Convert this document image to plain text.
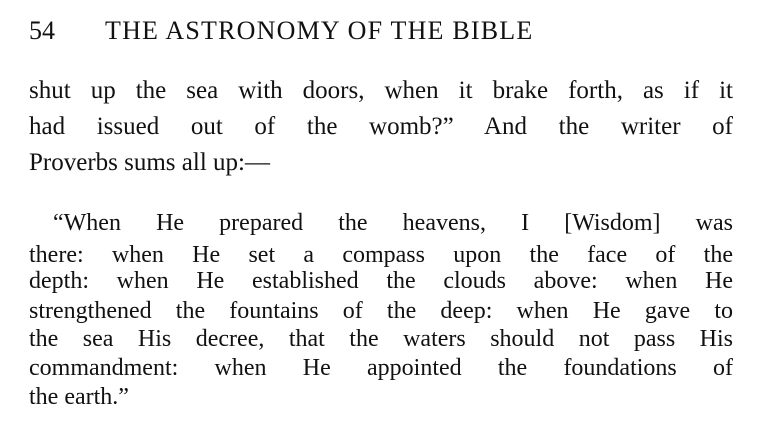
54 THE ASTRONOMY OF THE BIBLE
shut up the sea with doors, when it brake forth, as if it
had issued out of the womb?” And the writer of
Proverbs sums all up:—
“When He prepared the heavens, I [Wisdom] was
there: when He set a compass upon the face of the
depth: when He established the clouds above: when He
strengthened the fountains of the deep: when He gave to
the sea His decree, that the waters should not pass His
commandment: when He appointed the foundations of
the earth.”
